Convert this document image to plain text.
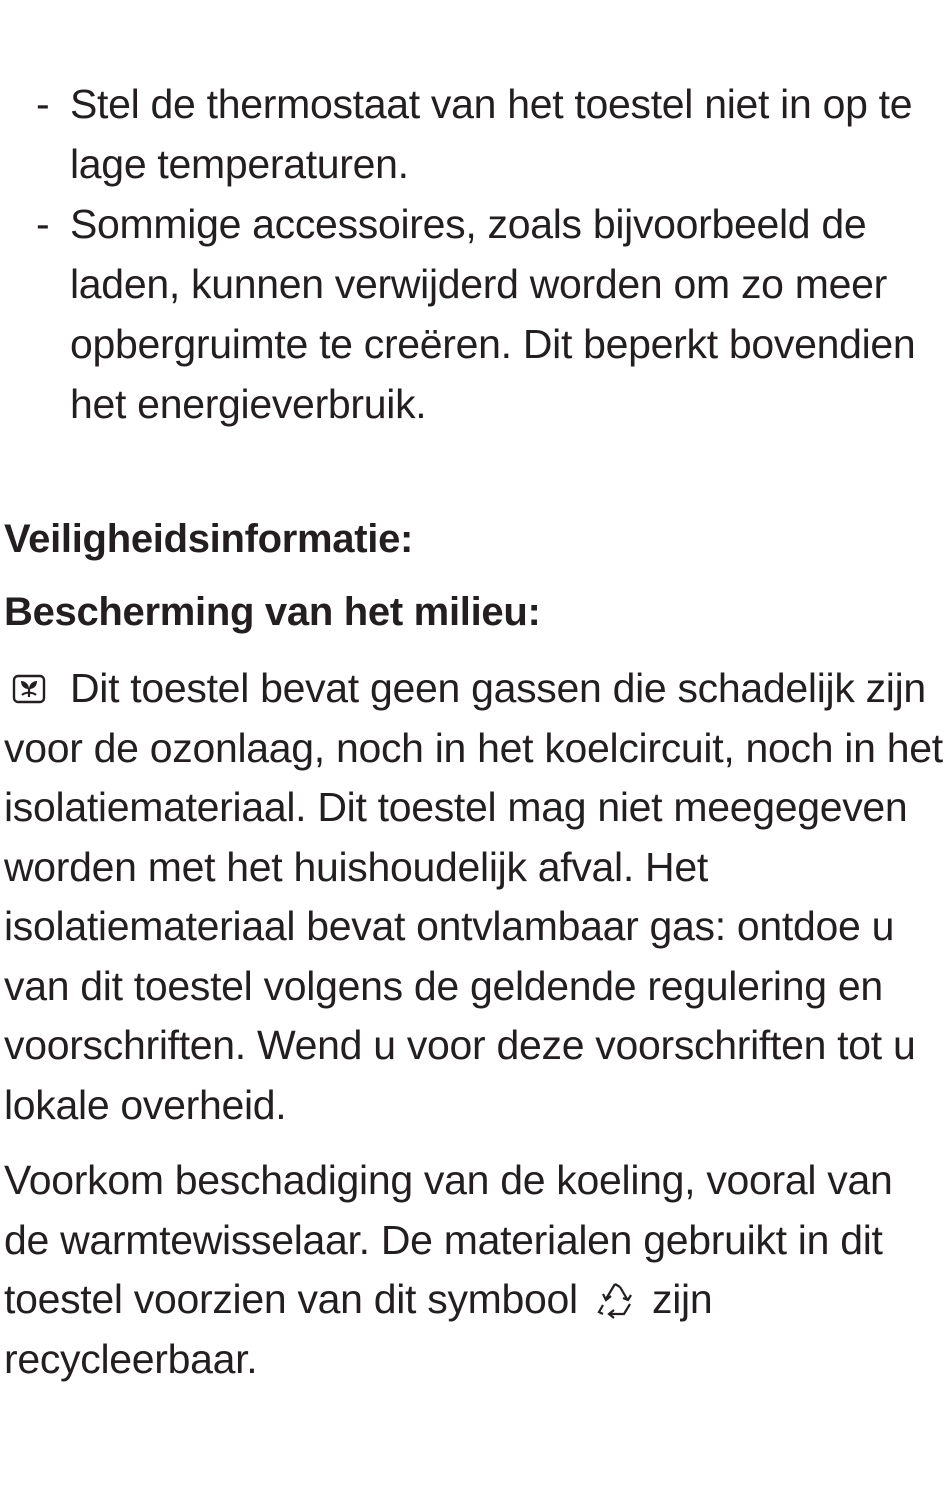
- Stel de thermostaat van het toestel niet in op te lage temperaturen.
- Sommige accessoires, zoals bijvoorbeeld de laden, kunnen verwijderd worden om zo meer opbergruimte te creëren. Dit beperkt bovendien het energieverbruik.
Veiligheidsinformatie:
Bescherming van het milieu:

Dit toestel bevat geen gassen die schadelijk zijn voor de ozonlaag, noch in het koelcircuit, noch in het isolatiemateriaal. Dit toestel mag niet meegegeven worden met het huishoudelijk afval. Het isolatiemateriaal bevat ontvlambaar gas: ontdoe u van dit toestel volgens de geldende regulering en voorschriften. Wend u voor deze voorschriften tot u lokale overheid.

Voorkom beschadiging van de koeling, vooral van de warmtewisselaar. De materialen gebruikt in dit toestel voorzien van dit symbool zijn recycleerbaar.
